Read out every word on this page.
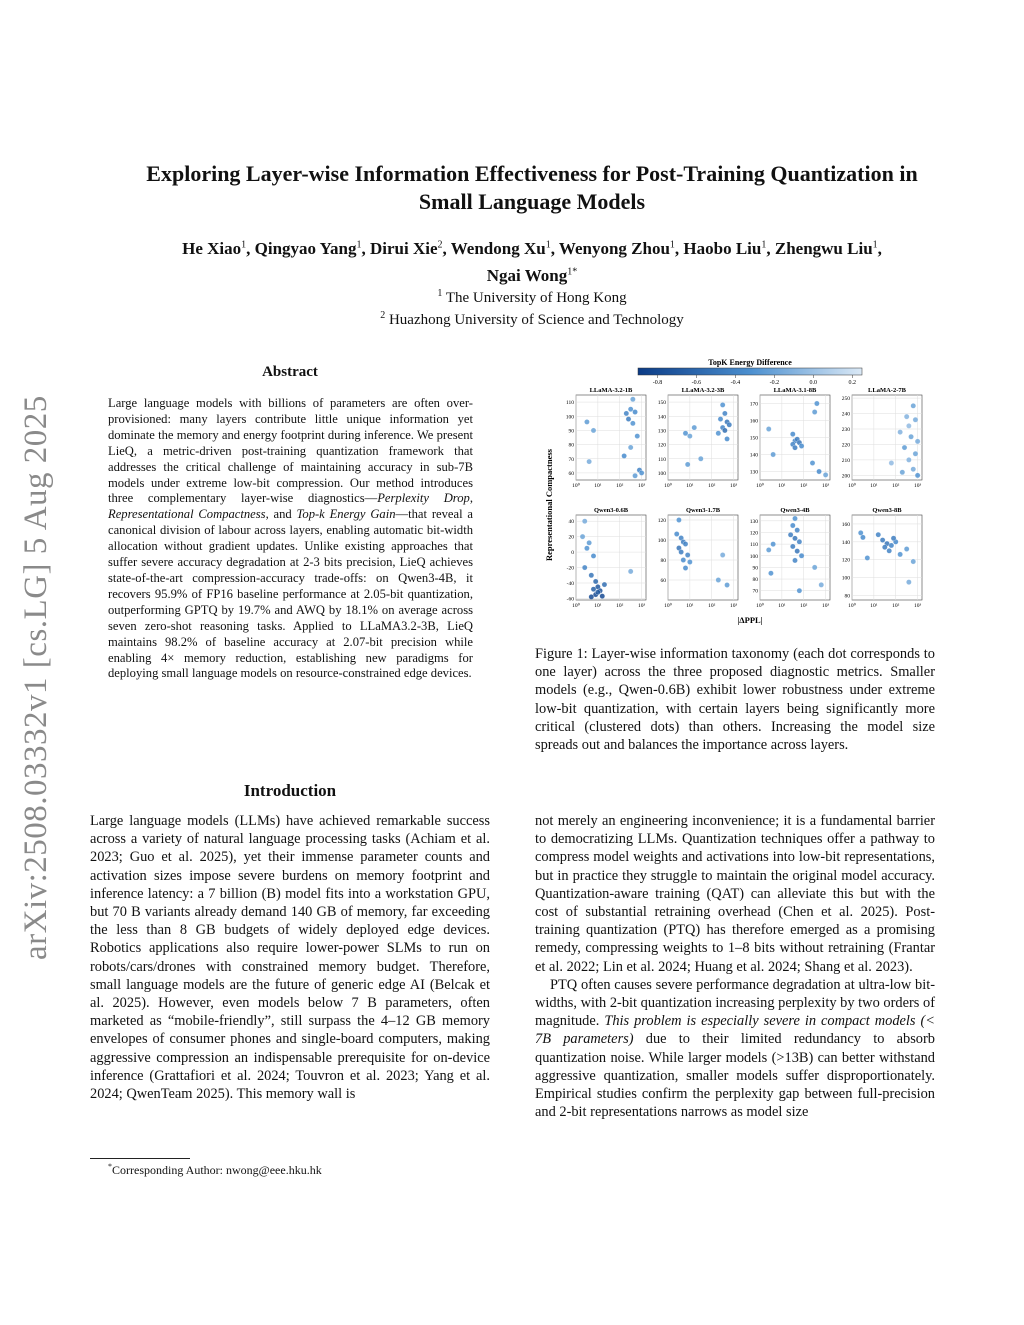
arXiv:2508.03332v1 [cs.LG] 5 Aug 2025
Exploring Layer-wise Information Effectiveness for Post-Training Quantization in
Small Language Models
He Xiao$^1$, Qingyao Yang$^1$, Dirui Xie$^2$, Wendong Xu$^1$, Wenyong Zhou$^1$, Haobo Liu$^1$, Zhengwu Liu$^1$,
Ngai Wong$^{1*}$
$^1$ The University of Hong Kong
$^2$ Huazhong University of Science and Technology
Abstract
Large language models with billions of parameters are often over-provisioned: many layers contribute little unique information yet dominate the memory and energy footprint during inference. We present LieQ, a metric-driven post-training quantization framework that addresses the critical challenge of maintaining accuracy in sub-7B models under extreme low-bit compression. Our method introduces three complementary layer-wise diagnostics—Perplexity Drop, Representational Compactness, and Top-k Energy Gain—that reveal a canonical division of labour across layers, enabling automatic bit-width allocation without gradient updates. Unlike existing approaches that suffer severe accuracy degradation at 2-3 bits precision, LieQ achieves state-of-the-art compression-accuracy trade-offs: on Qwen3-4B, it recovers 95.9% of FP16 baseline performance at 2.05-bit quantization, outperforming GPTQ by 19.7% and AWQ by 18.1% on average across seven zero-shot reasoning tasks. Applied to LLaMA3.2-3B, LieQ maintains 98.2% of baseline accuracy at 2.07-bit precision while enabling 4× memory reduction, establishing new paradigms for deploying small language models on resource-constrained edge devices.
Introduction
Large language models (LLMs) have achieved remarkable success across a variety of natural language processing tasks (Achiam et al. 2023; Guo et al. 2025), yet their immense parameter counts and activation sizes impose severe burdens on memory footprint and inference latency: a 7 billion (B) model fits into a workstation GPU, but 70 B variants already demand 140 GB of memory, far exceeding the less than 8 GB budgets of widely deployed edge devices. Robotics applications also require lower-power SLMs to run on robots/cars/drones with constrained memory budget. Therefore, small language models are the future of generic edge AI (Belcak et al. 2025). However, even models below 7 B parameters, often marketed as “mobile-friendly”, still surpass the 4–12 GB memory envelopes of consumer phones and single-board computers, making aggressive compression an indispensable prerequisite for on-device inference (Grattafiori et al. 2024; Touvron et al. 2023; Yang et al. 2024; QwenTeam 2025). This memory wall is

not merely an engineering inconvenience; it is a fundamental barrier to democratizing LLMs. Quantization techniques offer a pathway to compress model weights and activations into low-bit representations, but in practice they struggle to maintain the original model accuracy. Quantization-aware training (QAT) can alleviate this but with the cost of substantial retraining overhead (Chen et al. 2025). Post-training quantization (PTQ) has therefore emerged as a promising remedy, compressing weights to 1–8 bits without retraining (Frantar et al. 2022; Lin et al. 2024; Huang et al. 2024; Shang et al. 2023).

PTQ often causes severe performance degradation at ultra-low bit-widths, with 2-bit quantization increasing perplexity by two orders of magnitude. This problem is especially severe in compact models (< 7B parameters) due to their limited redundancy to absorb quantization noise. While larger models (>13B) can better withstand aggressive quantization, smaller models suffer disproportionately. Empirical studies confirm the perplexity gap between full-precision and 2-bit representations narrows as model size

TopK Energy Difference
-0.8	-0.6	-0.4	-0.2	0.0	0.2
Representational Compactness
|ΔPPL|
LLaMA-3.2-1B
110
100
90
80
70
60
10⁰	10¹	10²	10³
LLaMA-3.2-3B
150
140
130
120
110
100
10⁰	10¹	10²	10³
LLaMA-3.1-8B
170
160
150
140
130
10⁰	10¹	10²	10³
LLaMA-2-7B
250
240
230
220
210
200
10⁰	10¹	10²	10³
Qwen3-0.6B
40
20
0
-20
-40
-60
10⁰	10¹	10²	10³
Qwen3-1.7B
120
100
80
60
10⁰	10¹	10²	10³
Qwen3-4B
130
120
110
100
90
80
70
10⁰	10¹	10²	10³
Qwen3-8B
160
140
120
100
80
10⁰	10¹	10²	10³
Figure 1: Layer-wise information taxonomy (each dot corresponds to one layer) across the three proposed diagnostic metrics. Smaller models (e.g., Qwen-0.6B) exhibit lower robustness under extreme low-bit quantization, with certain layers being significantly more critical (clustered dots) than others. Increasing the model size spreads out and balances the importance across layers.
*Corresponding Author: nwong@eee.hku.hk
